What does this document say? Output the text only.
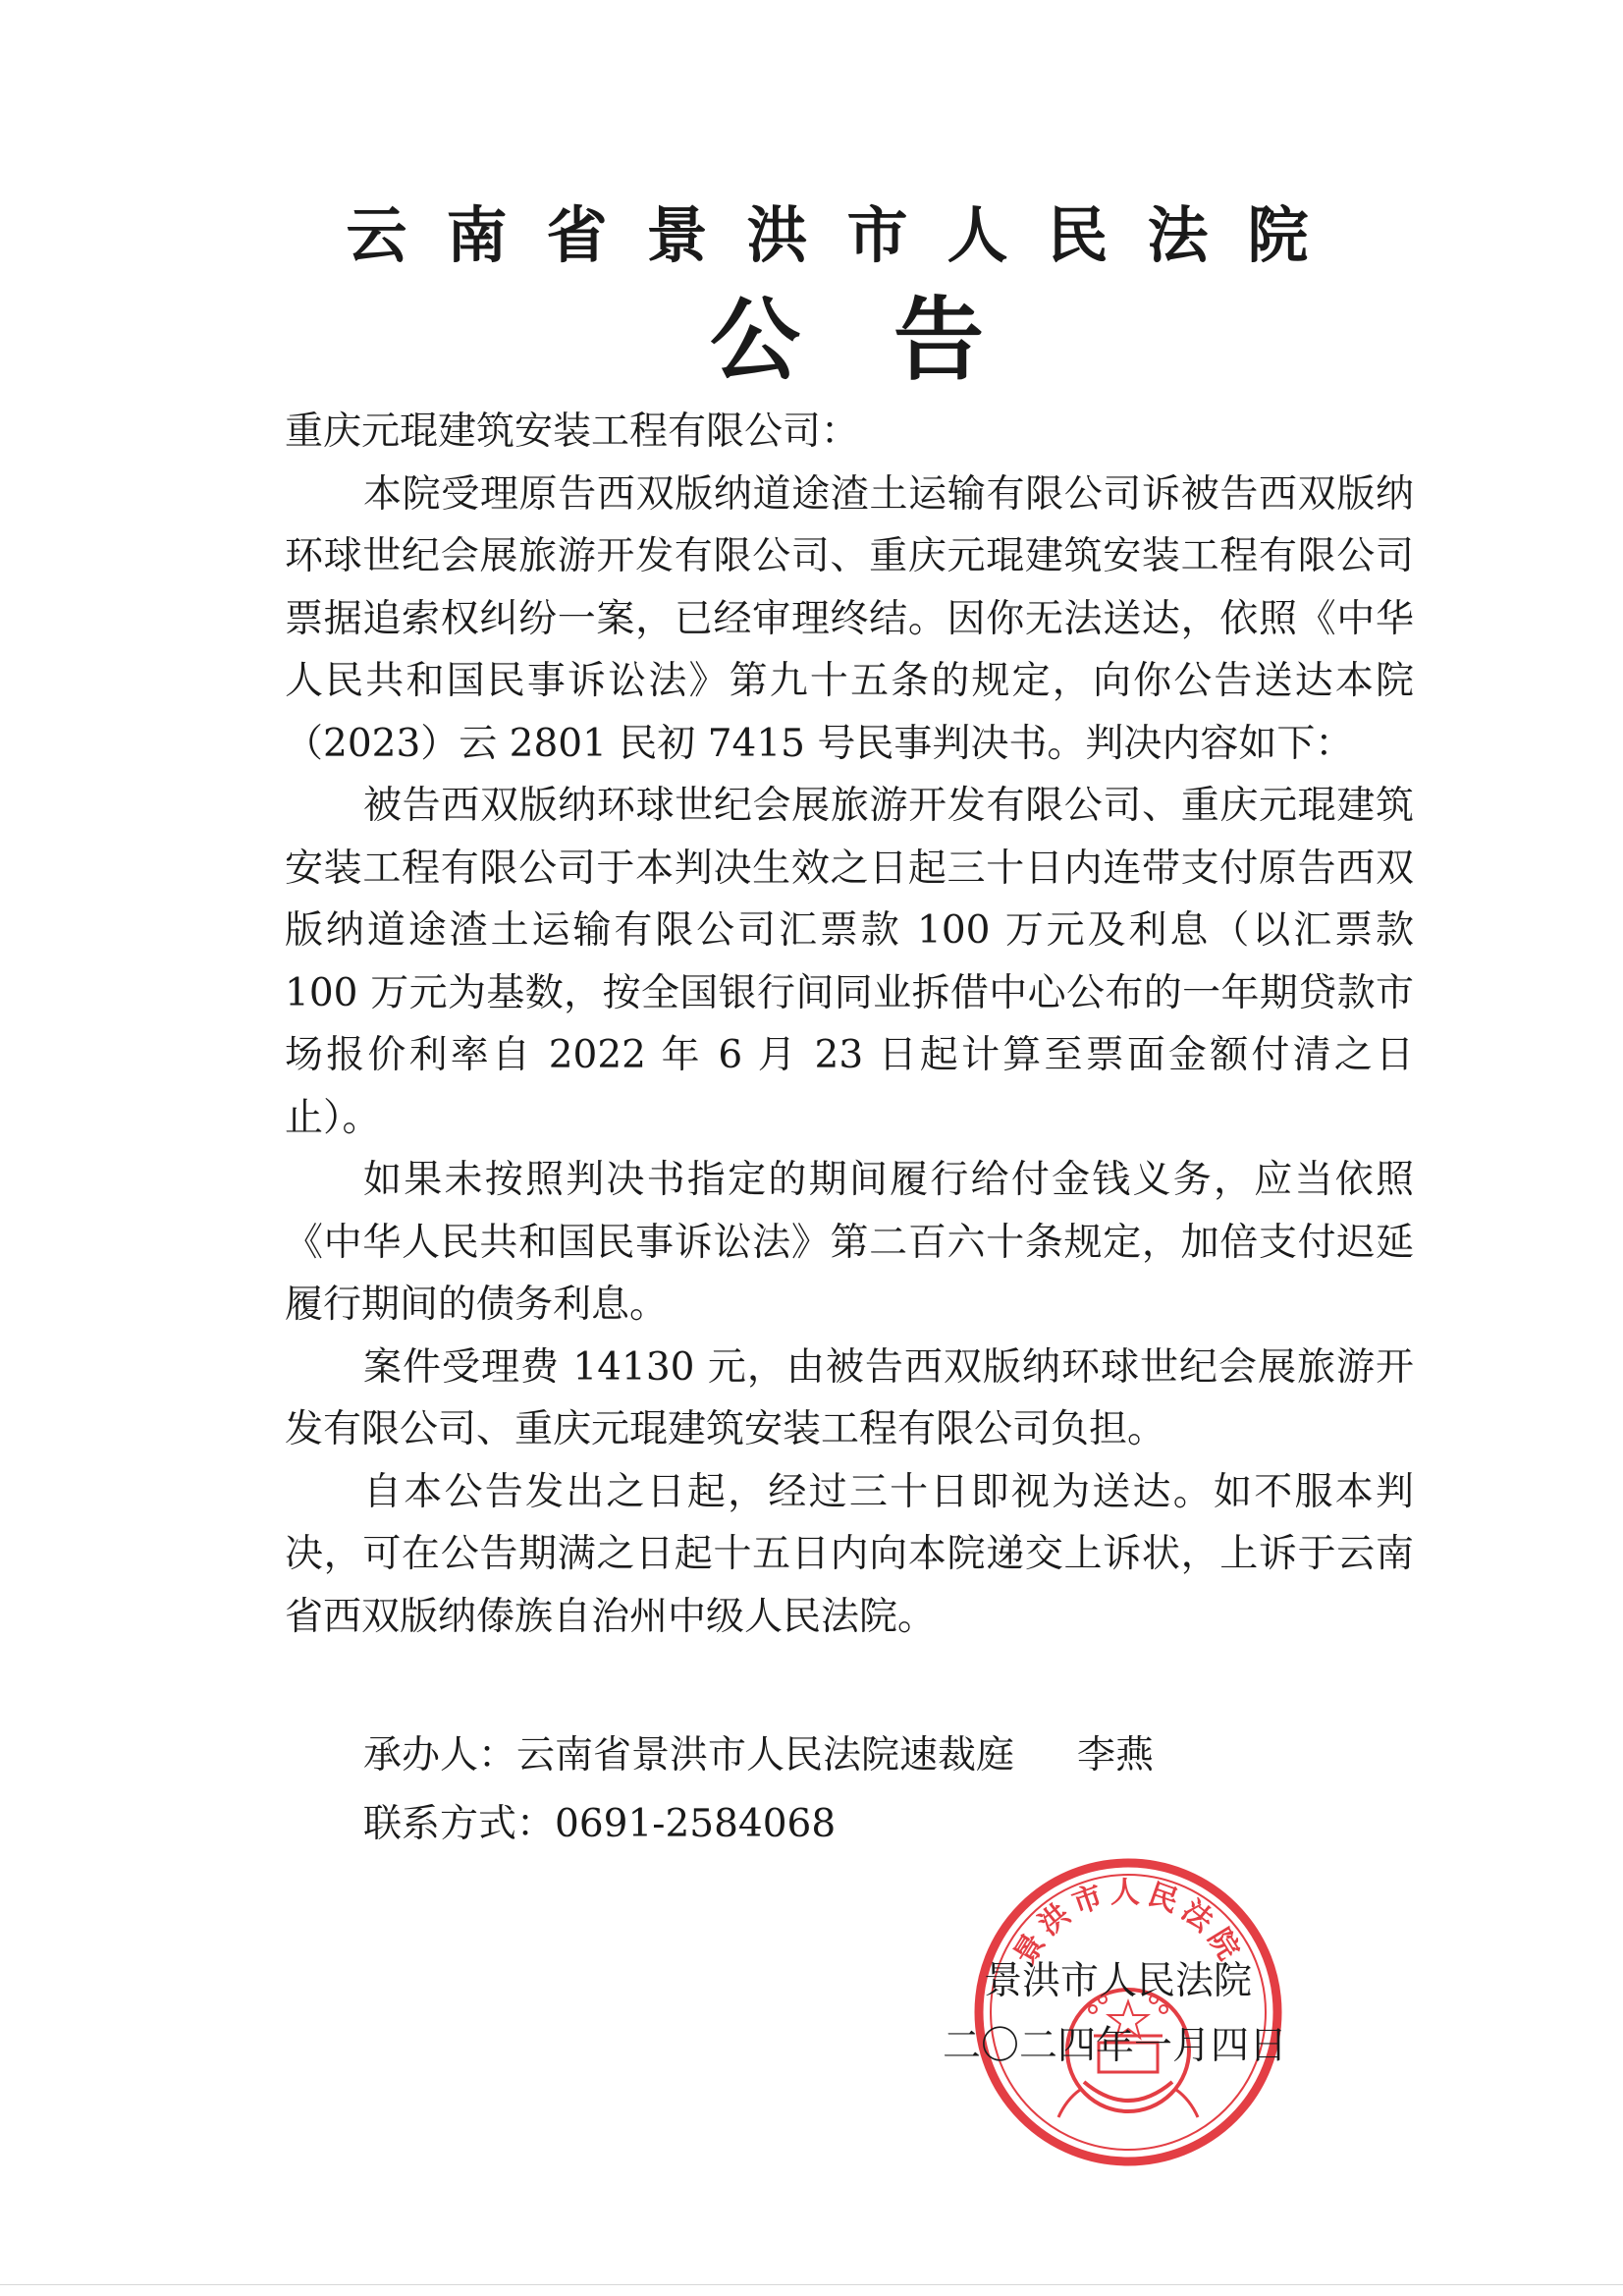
云南省景洪市人民法院
公告

重庆元琨建筑安装工程有限公司：

本院受理原告西双版纳道途渣土运输有限公司诉被告西双版纳环球世纪会展旅游开发有限公司、重庆元琨建筑安装工程有限公司票据追索权纠纷一案，已经审理终结。因你无法送达，依照《中华人民共和国民事诉讼法》第九十五条的规定，向你公告送达本院（2023）云 2801 民初 7415 号民事判决书。判决内容如下：

被告西双版纳环球世纪会展旅游开发有限公司、重庆元琨建筑安装工程有限公司于本判决生效之日起三十日内连带支付原告西双版纳道途渣土运输有限公司汇票款 100 万元及利息（以汇票款 100 万元为基数，按全国银行间同业拆借中心公布的一年期贷款市场报价利率自 2022 年 6 月 23 日起计算至票面金额付清之日止）。

如果未按照判决书指定的期间履行给付金钱义务，应当依照《中华人民共和国民事诉讼法》第二百六十条规定，加倍支付迟延履行期间的债务利息。

案件受理费 14130 元，由被告西双版纳环球世纪会展旅游开发有限公司、重庆元琨建筑安装工程有限公司负担。

自本公告发出之日起，经过三十日即视为送达。如不服本判决，可在公告期满之日起十五日内向本院递交上诉状，上诉于云南省西双版纳傣族自治州中级人民法院。

承办人：云南省景洪市人民法院速裁庭 李燕
联系方式：0691-2584068
景洪市人民法院
景洪市人民法院
二〇二四年一月四日
